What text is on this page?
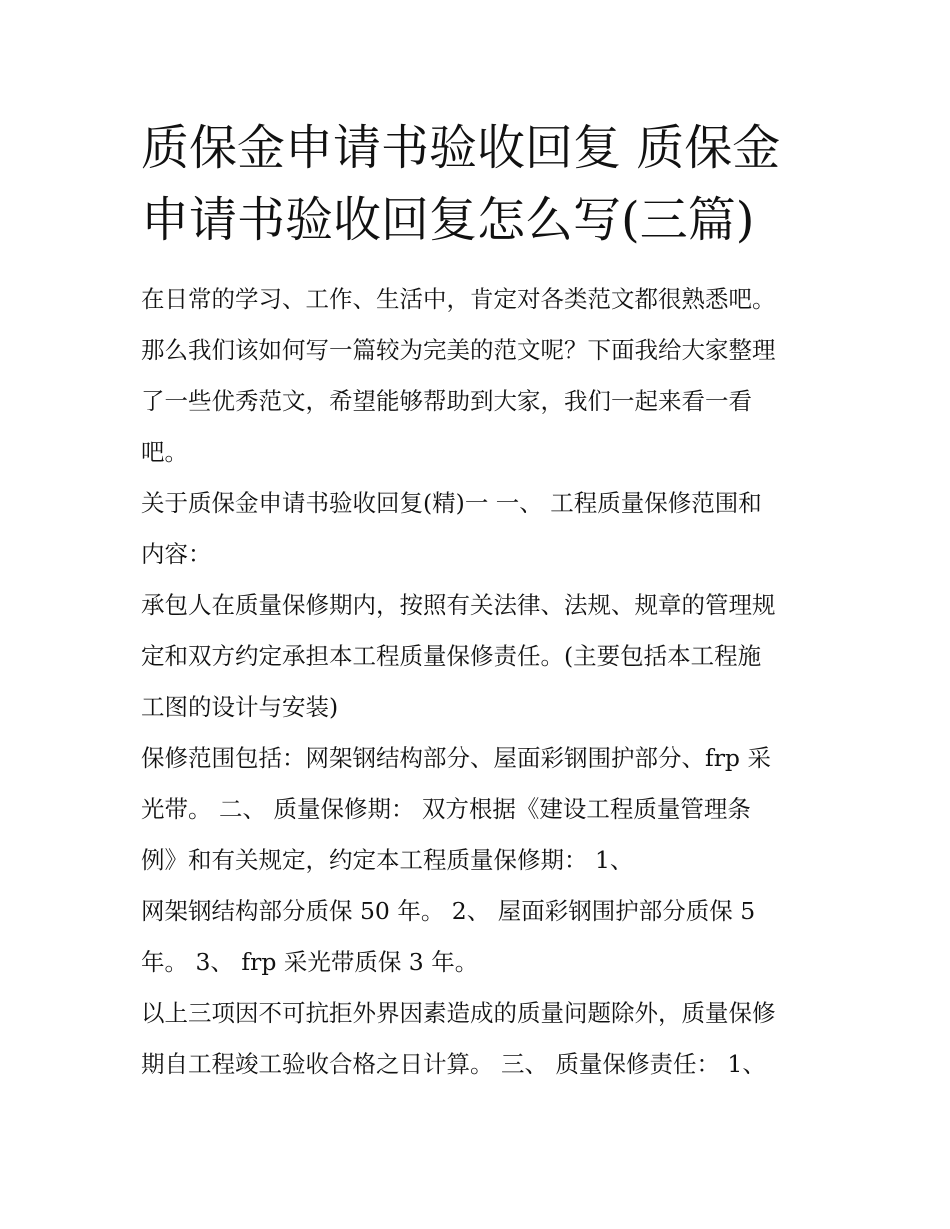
质保金申请书验收回复 质保金
申请书验收回复怎么写(三篇)

在日常的学习、工作、生活中，肯定对各类范文都很熟悉吧。
那么我们该如何写一篇较为完美的范文呢？下面我给大家整理
了一些优秀范文，希望能够帮助到大家，我们一起来看一看
吧。

关于质保金申请书验收回复(精)一 一、 工程质量保修范围和
内容：

承包人在质量保修期内，按照有关法律、法规、规章的管理规
定和双方约定承担本工程质量保修责任。(主要包括本工程施
工图的设计与安装)

保修范围包括：网架钢结构部分、屋面彩钢围护部分、frp 采
光带。 二、 质量保修期： 双方根据《建设工程质量管理条
例》和有关规定，约定本工程质量保修期： 1、
网架钢结构部分质保 50 年。 2、 屋面彩钢围护部分质保 5
年。 3、 frp 采光带质保 3 年。

以上三项因不可抗拒外界因素造成的质量问题除外，质量保修
期自工程竣工验收合格之日计算。 三、 质量保修责任： 1、
